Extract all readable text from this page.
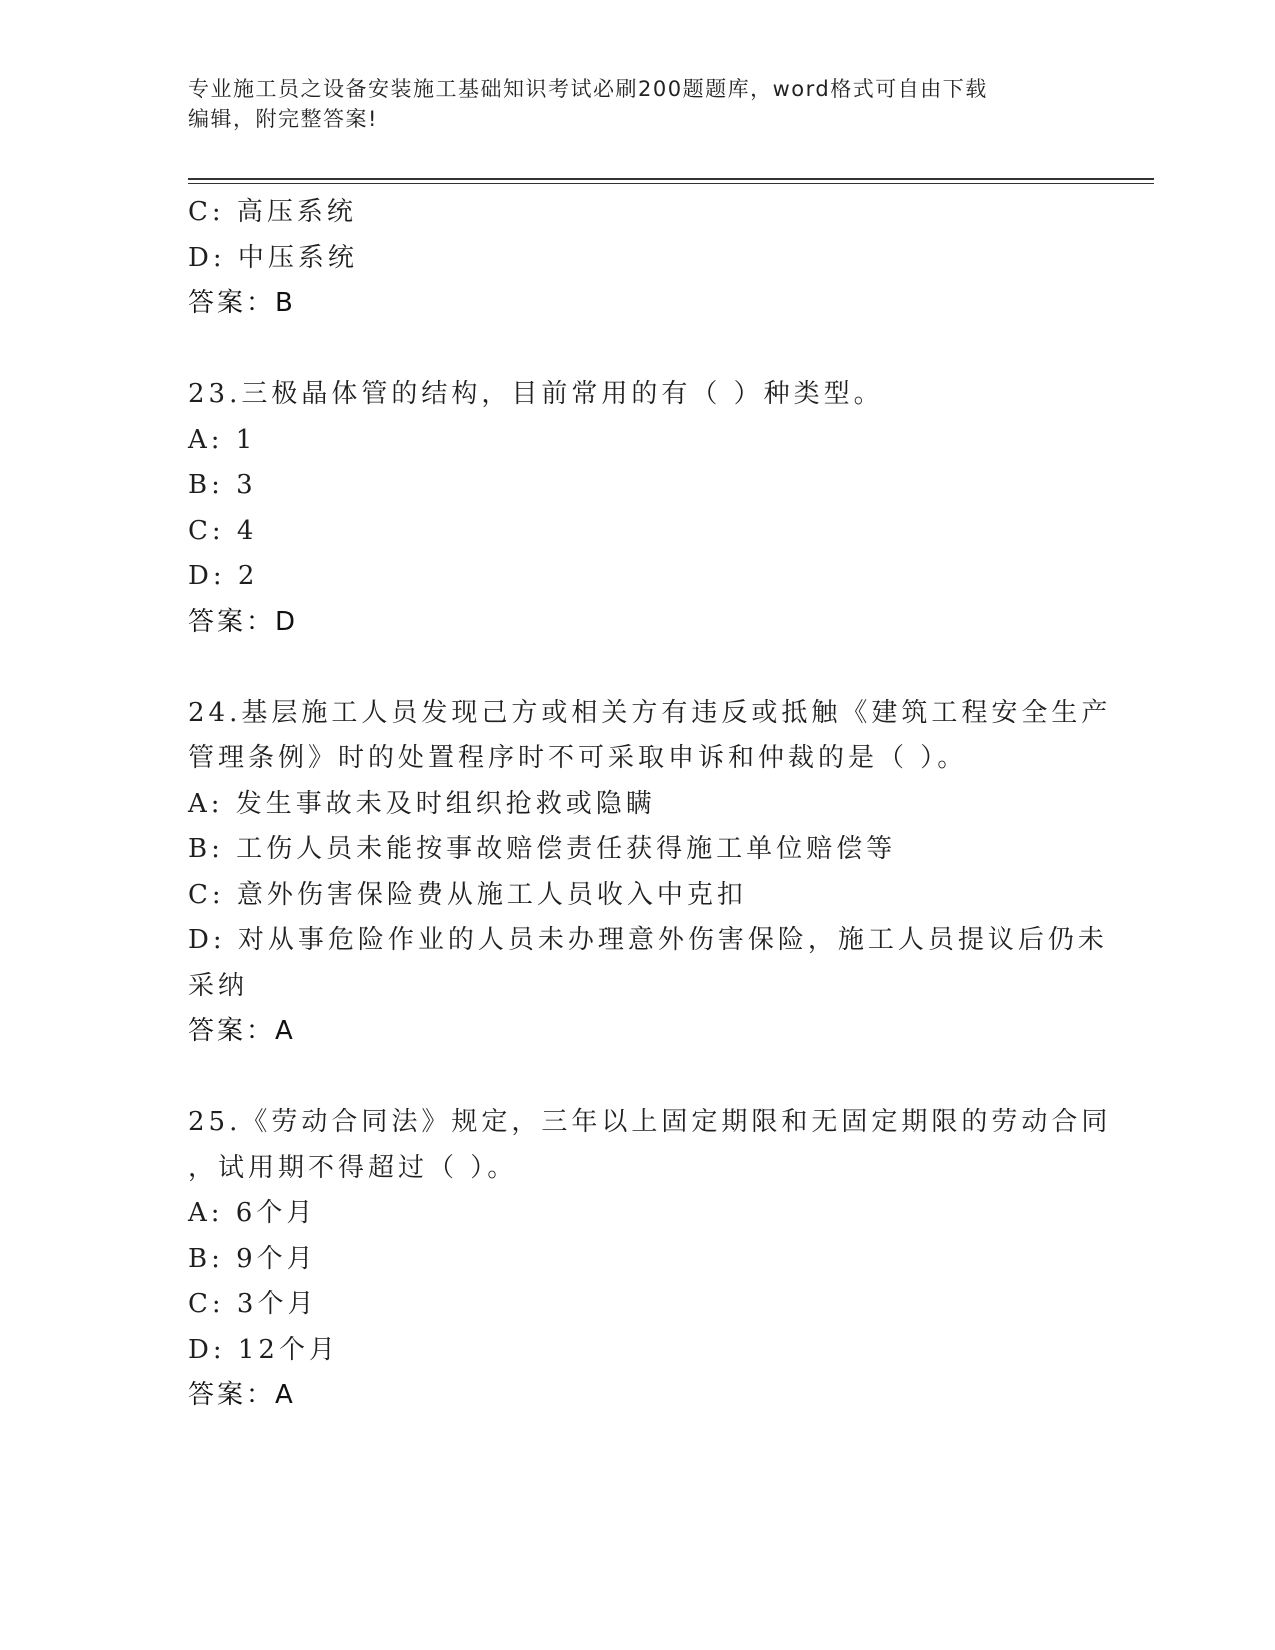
专业施工员之设备安装施工基础知识考试必刷200题题库，word格式可自由下载
编辑，附完整答案!
C: 高压系统
D: 中压系统
答案：B
23.三极晶体管的结构，目前常用的有（ ）种类型。
A: 1
B: 3
C: 4
D: 2
答案：D
24.基层施工人员发现己方或相关方有违反或抵触《建筑工程安全生产
管理条例》时的处置程序时不可采取申诉和仲裁的是（ ）。
A: 发生事故未及时组织抢救或隐瞒
B: 工伤人员未能按事故赔偿责任获得施工单位赔偿等
C: 意外伤害保险费从施工人员收入中克扣
D: 对从事危险作业的人员未办理意外伤害保险，施工人员提议后仍未
采纳
答案：A
25.《劳动合同法》规定，三年以上固定期限和无固定期限的劳动合同
，试用期不得超过（ ）。
A: 6个月
B: 9个月
C: 3个月
D: 12个月
答案：A
